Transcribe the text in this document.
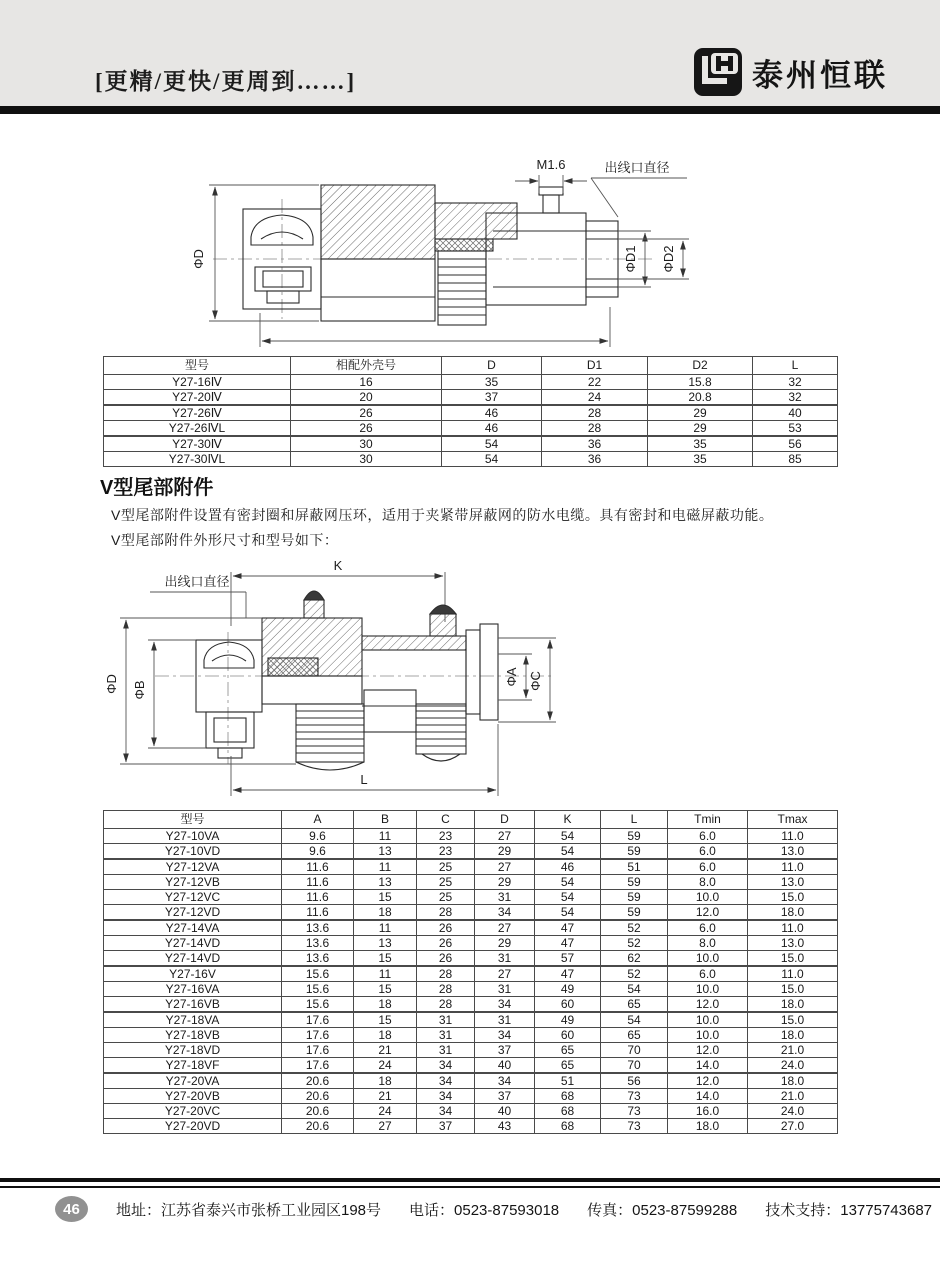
[更精/更快/更周到……]	泰州恒联
M1.6	出线口直径
ΦD	ΦD1 ΦD2
型号	相配外壳号	D	D1	D2	L
Y27-16Ⅳ	16	35	22	15.8	32
Y27-20Ⅳ	20	37	24	20.8	32
Y27-26Ⅳ	26	46	28	29	40
Y27-26ⅣL	26	46	28	29	53
Y27-30Ⅳ	30	54	36	35	56
Y27-30ⅣL	30	54	36	35	85
V型尾部附件
V型尾部附件设置有密封圈和屏蔽网压环，适用于夹紧带屏蔽网的防水电缆。具有密封和电磁屏蔽功能。
V型尾部附件外形尺寸和型号如下：
K
出线口直径
ΦD ΦB
ΦA ΦC
L
型号	A	B	C	D	K	L	Tmin	Tmax
Y27-10VA	9.6	11	23	27	54	59	6.0	11.0
Y27-10VD	9.6	13	23	29	54	59	6.0	13.0
Y27-12VA	11.6	11	25	27	46	51	6.0	11.0
Y27-12VB	11.6	13	25	29	54	59	8.0	13.0
Y27-12VC	11.6	15	25	31	54	59	10.0	15.0
Y27-12VD	11.6	18	28	34	54	59	12.0	18.0
Y27-14VA	13.6	11	26	27	47	52	6.0	11.0
Y27-14VD	13.6	13	26	29	47	52	8.0	13.0
Y27-14VD	13.6	15	26	31	57	62	10.0	15.0
Y27-16V	15.6	11	28	27	47	52	6.0	11.0
Y27-16VA	15.6	15	28	31	49	54	10.0	15.0
Y27-16VB	15.6	18	28	34	60	65	12.0	18.0
Y27-18VA	17.6	15	31	31	49	54	10.0	15.0
Y27-18VB	17.6	18	31	34	60	65	10.0	18.0
Y27-18VD	17.6	21	31	37	65	70	12.0	21.0
Y27-18VF	17.6	24	34	40	65	70	14.0	24.0
Y27-20VA	20.6	18	34	34	51	56	12.0	18.0
Y27-20VB	20.6	21	34	37	68	73	14.0	21.0
Y27-20VC	20.6	24	34	40	68	73	16.0	24.0
Y27-20VD	20.6	27	37	43	68	73	18.0	27.0
46	地址：江苏省泰兴市张桥工业园区198号 电话：0523-87593018 传真：0523-87599288 技术支持：13775743687
